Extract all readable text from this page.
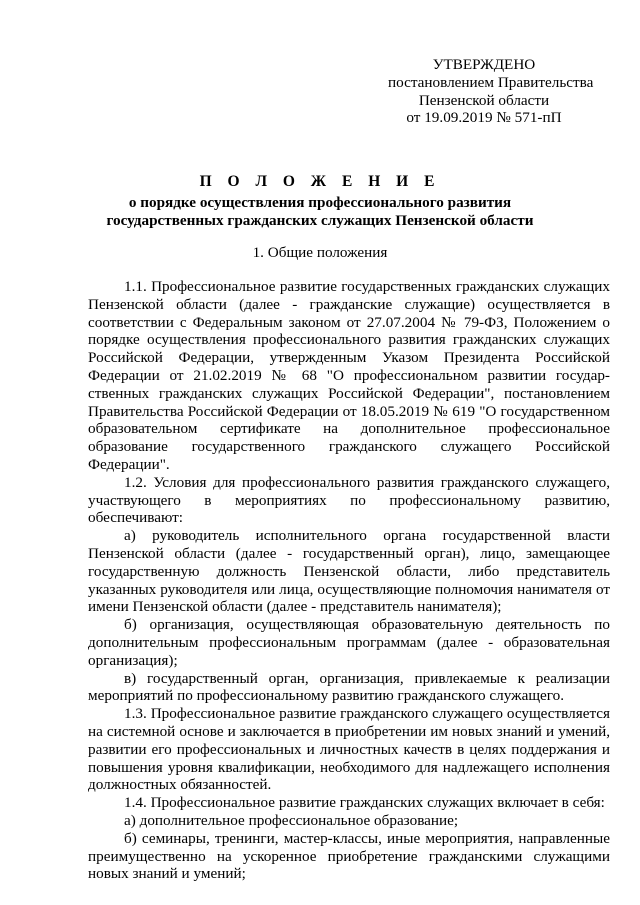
УТВЕРЖДЕНО
постановлением Правительства
Пензенской области
от 19.09.2019 № 571-пП
П О Л О Ж Е Н И Е
о порядке осуществления профессионального развития
государственных гражданских служащих Пензенской области
1. Общие положения

1.1. Профессиональное развитие государственных гражданских служащих Пензенской области (далее - гражданские служащие) осуществляется в соответствии с Федеральным законом от 27.07.2004 № 79-ФЗ, Положением о порядке осуществления профессионального развития гражданских служащих Российской Федерации, утвержденным Указом Президента Российской Федерации от 21.02.2019 № 68 "О профессиональном развитии государ-ственных гражданских служащих Российской Федерации", постановлением Правительства Российской Федерации от 18.05.2019 № 619 "О государственном образовательном сертификате на дополнительное профессиональное образование государственного гражданского служащего Российской Федерации".

1.2. Условия для профессионального развития гражданского служащего, участвующего в мероприятиях по профессиональному развитию, обеспечивают:

а) руководитель исполнительного органа государственной власти Пензенской области (далее - государственный орган), лицо, замещающее государственную должность Пензенской области, либо представитель указанных руководителя или лица, осуществляющие полномочия нанимателя от имени Пензенской области (далее - представитель нанимателя);

б) организация, осуществляющая образовательную деятельность по дополнительным профессиональным программам (далее - образовательная организация);

в) государственный орган, организация, привлекаемые к реализации мероприятий по профессиональному развитию гражданского служащего.

1.3. Профессиональное развитие гражданского служащего осуществляется на системной основе и заключается в приобретении им новых знаний и умений, развитии его профессиональных и личностных качеств в целях поддержания и повышения уровня квалификации, необходимого для надлежащего исполнения должностных обязанностей.

1.4. Профессиональное развитие гражданских служащих включает в себя:

а) дополнительное профессиональное образование;

б) семинары, тренинги, мастер-классы, иные мероприятия, направленные преимущественно на ускоренное приобретение гражданскими служащими новых знаний и умений;
